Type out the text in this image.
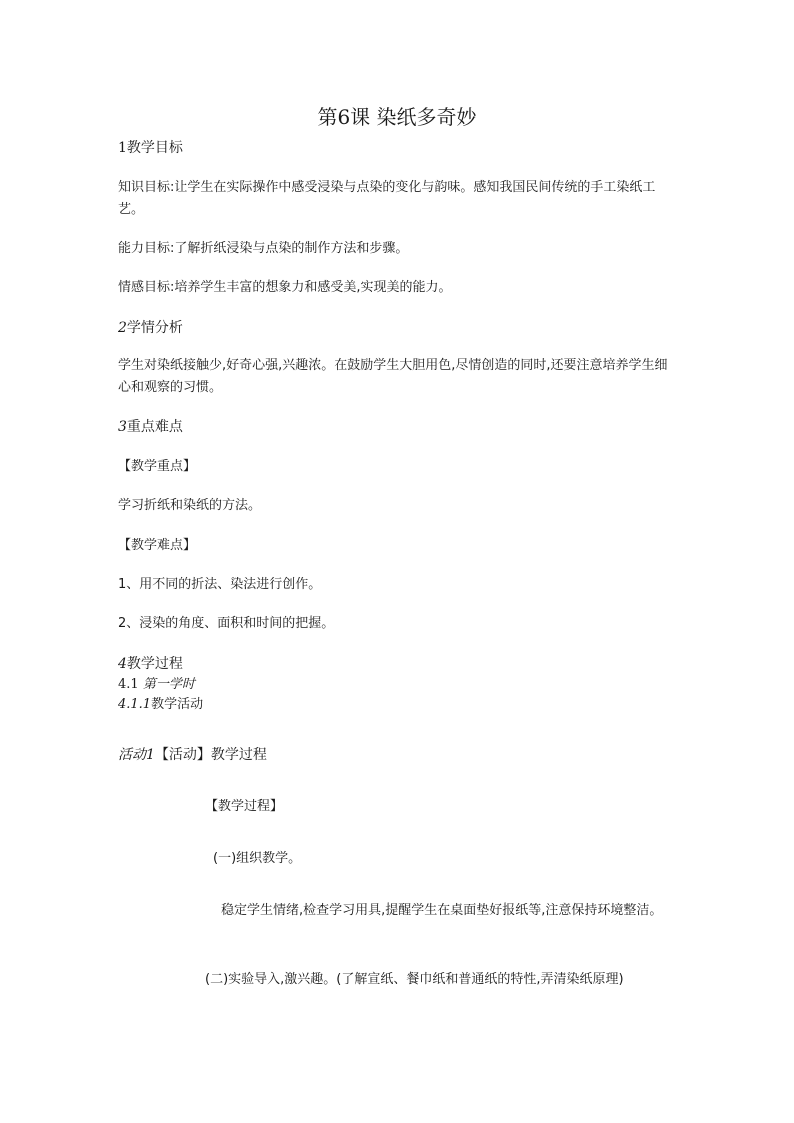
第6课 染纸多奇妙
1教学目标
知识目标:让学生在实际操作中感受浸染与点染的变化与韵味。感知我国民间传统的手工染纸工艺。
能力目标:了解折纸浸染与点染的制作方法和步骤。
情感目标:培养学生丰富的想象力和感受美,实现美的能力。
2学情分析
学生对染纸接触少,好奇心强,兴趣浓。在鼓励学生大胆用色,尽情创造的同时,还要注意培养学生细心和观察的习惯。
3重点难点
【教学重点】
学习折纸和染纸的方法。
【教学难点】
1、用不同的折法、染法进行创作。
2、浸染的角度、面积和时间的把握。
4教学过程
4.1 第一学时
4.1.1教学活动
活动1【活动】教学过程
【教学过程】
(一)组织教学。
稳定学生情绪,检查学习用具,提醒学生在桌面垫好报纸等,注意保持环境整洁。
(二)实验导入,激兴趣。(了解宣纸、餐巾纸和普通纸的特性,弄清染纸原理)
